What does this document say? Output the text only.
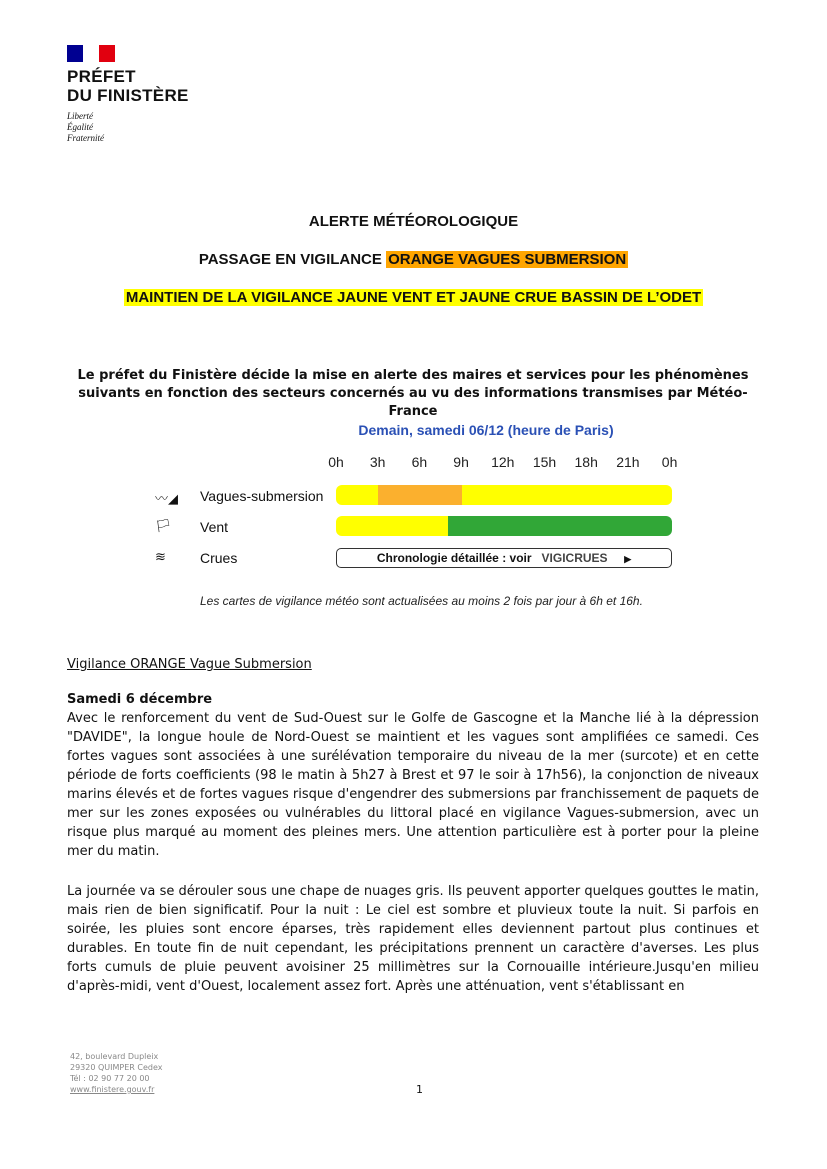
PRÉFET
DU FINISTÈRE
Liberté
Égalité
Fraternité
ALERTE MÉTÉOROLOGIQUE
PASSAGE EN VIGILANCE ORANGE VAGUES SUBMERSION
MAINTIEN DE LA VIGILANCE JAUNE VENT ET JAUNE CRUE BASSIN DE L’ODET
Le préfet du Finistère décide la mise en alerte des maires et services pour les phénomènes suivants en fonction des secteurs concernés au vu des informations transmises par Météo-France
Demain, samedi 06/12 (heure de Paris)
0h	3h	6h	9h	12h	15h	18h	21h	0h
〰◢ Vagues-submersion
🏳 Vent
≋ Crues	Chronologie détaillée : voir VIGICRUES ▶
Les cartes de vigilance météo sont actualisées au moins 2 fois par jour à 6h et 16h.
Vigilance ORANGE Vague Submersion
Samedi 6 décembre
Avec le renforcement du vent de Sud-Ouest sur le Golfe de Gascogne et la Manche lié à la dépression "DAVIDE", la longue houle de Nord-Ouest se maintient et les vagues sont amplifiées ce samedi. Ces fortes vagues sont associées à une surélévation temporaire du niveau de la mer (surcote) et en cette période de forts coefficients (98 le matin à 5h27 à Brest et 97 le soir à 17h56), la conjonction de niveaux marins élevés et de fortes vagues risque d'engendrer des submersions par franchissement de paquets de mer sur les zones exposées ou vulnérables du littoral placé en vigilance Vagues-submersion, avec un risque plus marqué au moment des pleines mers. Une attention particulière est à porter pour la pleine mer du matin.
La journée va se dérouler sous une chape de nuages gris. Ils peuvent apporter quelques gouttes le matin, mais rien de bien significatif. Pour la nuit : Le ciel est sombre et pluvieux toute la nuit. Si parfois en soirée, les pluies sont encore éparses, très rapidement elles deviennent partout plus continues et durables. En toute fin de nuit cependant, les précipitations prennent un caractère d'averses. Les plus forts cumuls de pluie peuvent avoisiner 25 millimètres sur la Cornouaille intérieure.Jusqu'en milieu d'après-midi, vent d'Ouest, localement assez fort. Après une atténuation, vent s'établissant en
42, boulevard Dupleix
29320 QUIMPER Cedex
Tél : 02 90 77 20 00
www.finistere.gouv.fr	1
